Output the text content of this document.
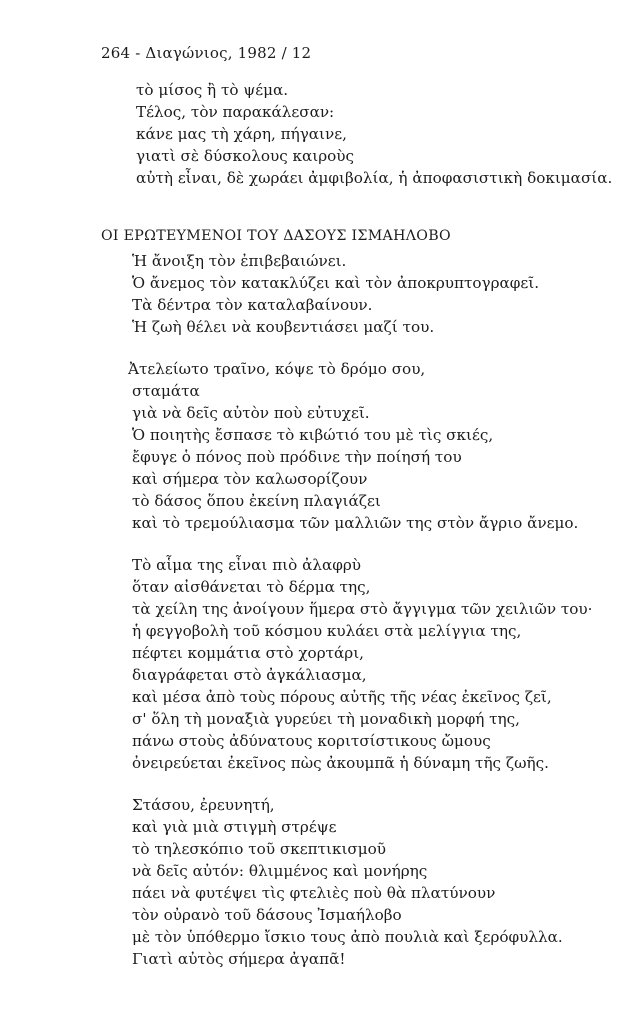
264 - Διαγώνιος, 1982 / 12
τὸ μίσος ἢ τὸ ψέμα.
Τέλος, τὸν παρακάλεσαν:
κάνε μας τὴ χάρη, πήγαινε,
γιατὶ σὲ δύσκολους καιροὺς
αὐτὴ εἶναι, δὲ χωράει ἀμφιβολία, ἡ ἀποφασιστικὴ δοκιμασία.
ΟΙ ΕΡΩΤΕΥΜΕΝΟΙ ΤΟΥ ΔΑΣΟΥΣ ΙΣΜΑΗΛΟΒΟ
Ἡ ἄνοιξη τὸν ἐπιβεβαιώνει.
Ὁ ἄνεμος τὸν κατακλύζει καὶ τὸν ἀποκρυπτογραφεῖ.
Τὰ δέντρα τὸν καταλαβαίνουν.
Ἡ ζωὴ θέλει νὰ κουβεντιάσει μαζί του.
Ἀτελείωτο τραῖνο, κόψε τὸ δρόμο σου,
σταμάτα
γιὰ νὰ δεῖς αὐτὸν ποὺ εὐτυχεῖ.
Ὁ ποιητὴς ἔσπασε τὸ κιβώτιό του μὲ τὶς σκιές,
ἔφυγε ὁ πόνος ποὺ πρόδινε τὴν ποίησή του
καὶ σήμερα τὸν καλωσορίζουν
τὸ δάσος ὅπου ἐκείνη πλαγιάζει
καὶ τὸ τρεμούλιασμα τῶν μαλλιῶν της στὸν ἄγριο ἄνεμο.
Τὸ αἷμα της εἶναι πιὸ ἀλαφρὺ
ὅταν αἰσθάνεται τὸ δέρμα της,
τὰ χείλη της ἀνοίγουν ἥμερα στὸ ἄγγιγμα τῶν χειλιῶν του·
ἡ φεγγοβολὴ τοῦ κόσμου κυλάει στὰ μελίγγια της,
πέφτει κομμάτια στὸ χορτάρι,
διαγράφεται στὸ ἀγκάλιασμα,
καὶ μέσα ἀπὸ τοὺς πόρους αὐτῆς τῆς νέας ἐκεῖνος ζεῖ,
σ' ὅλη τὴ μοναξιὰ γυρεύει τὴ μοναδικὴ μορφή της,
πάνω στοὺς ἀδύνατους κοριτσίστικους ὤμους
ὀνειρεύεται ἐκεῖνος πὼς ἀκουμπᾶ ἡ δύναμη τῆς ζωῆς.
Στάσου, ἐρευνητή,
καὶ γιὰ μιὰ στιγμὴ στρέψε
τὸ τηλεσκόπιο τοῦ σκεπτικισμοῦ
νὰ δεῖς αὐτόν: θλιμμένος καὶ μονήρης
πάει νὰ φυτέψει τὶς φτελιὲς ποὺ θὰ πλατύνουν
τὸν οὐρανὸ τοῦ δάσους Ἰσμαήλοβο
μὲ τὸν ὑπόθερμο ἴσκιο τους ἀπὸ πουλιὰ καὶ ξερόφυλλα.
Γιατὶ αὐτὸς σήμερα ἀγαπᾶ!
